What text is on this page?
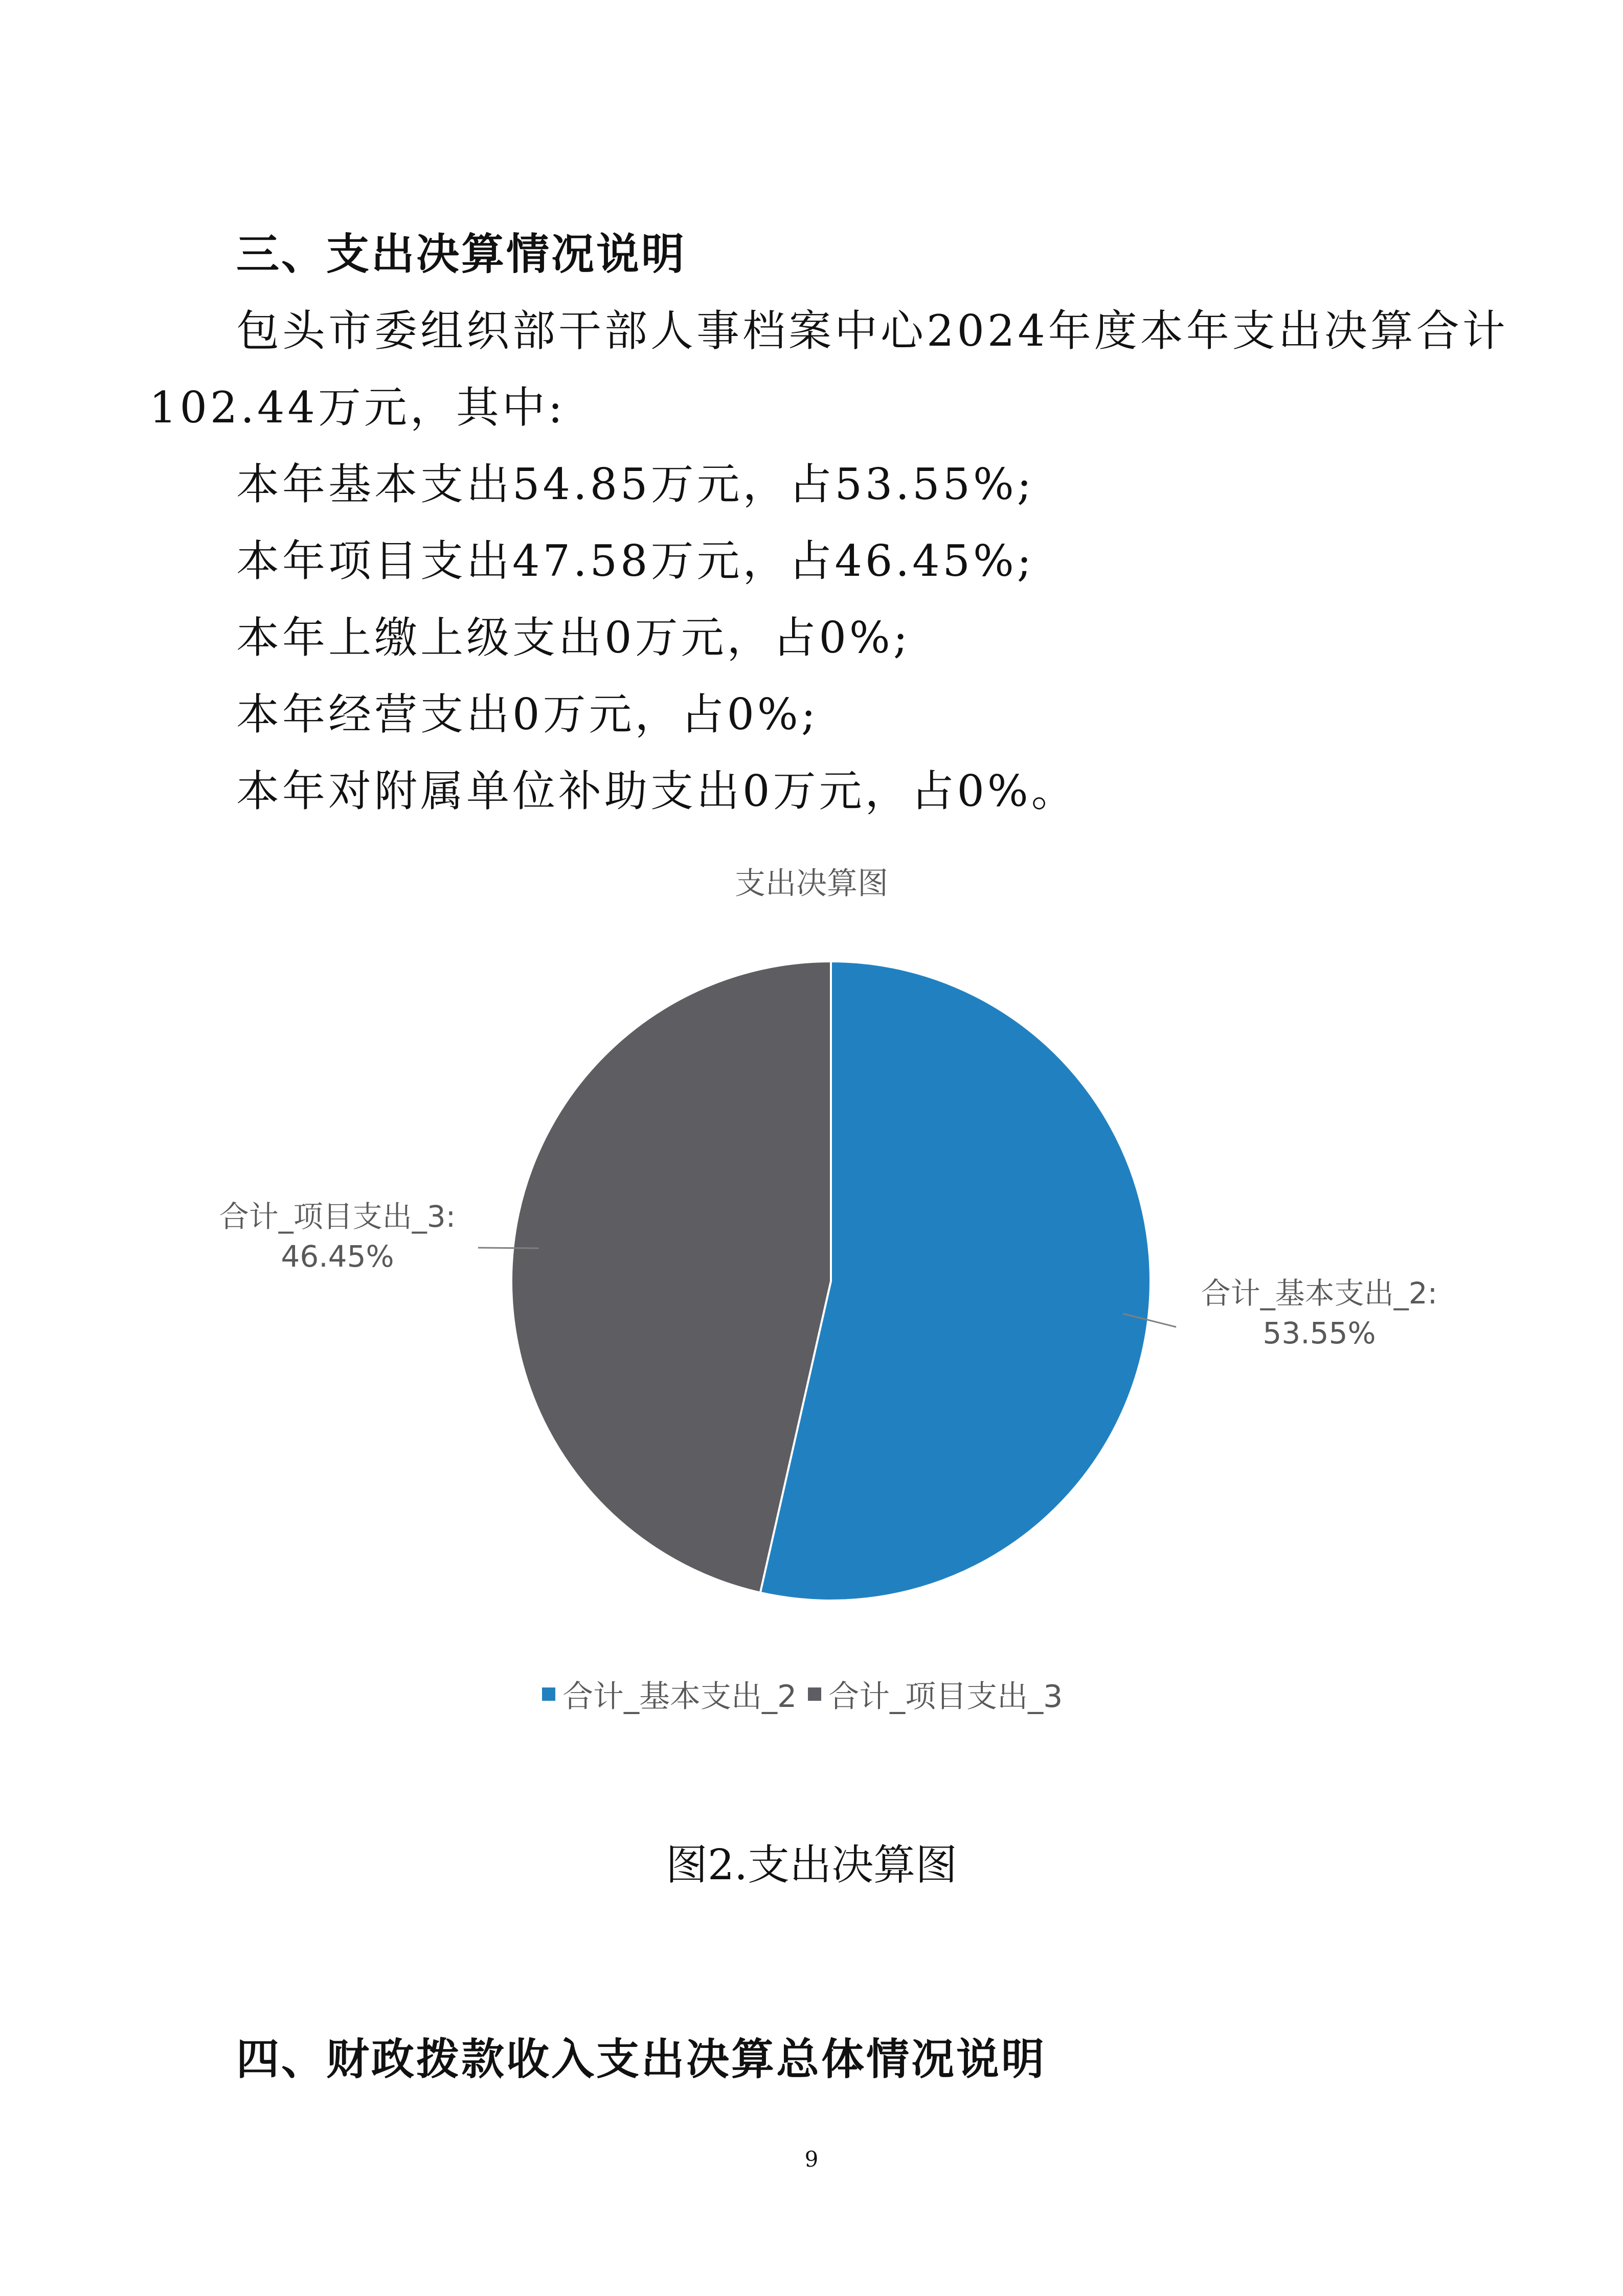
三、支出决算情况说明
包头市委组织部干部人事档案中心2024年度本年支出决算合计
102.44万元，其中:
本年基本支出54.85万元，占53.55%;
本年项目支出47.58万元，占46.45%;
本年上缴上级支出0万元，占0%;
本年经营支出0万元，占0%;
本年对附属单位补助支出0万元，占0%。
支出决算图
合计_项目支出_3:
46.45%
合计_基本支出_2:
53.55%
合计_基本支出_2 合计_项目支出_3
图2.支出决算图
四、财政拨款收入支出决算总体情况说明
9
